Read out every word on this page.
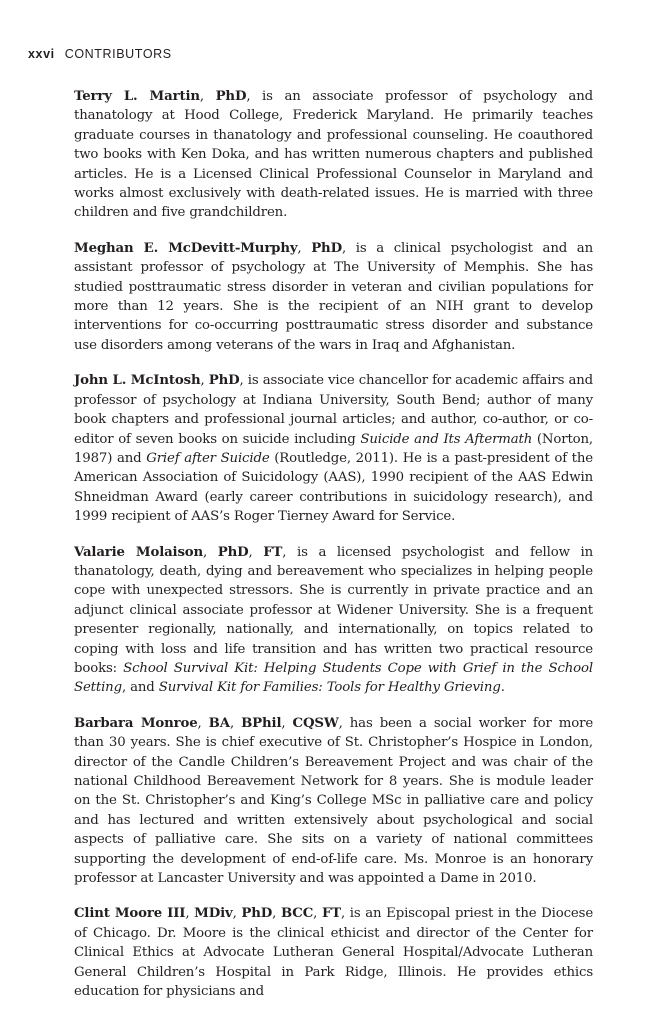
xxvi CONTRIBUTORS

Terry L. Martin, PhD, is an associate professor of psychology and thanatology at Hood College, Frederick Maryland. He primarily teaches graduate courses in thanatology and professional counseling. He coauthored two books with Ken Doka, and has written numerous chapters and published articles. He is a Licensed Clinical Professional Counselor in Maryland and works almost exclusively with death-related issues. He is married with three children and five grandchildren.

Meghan E. McDevitt-Murphy, PhD, is a clinical psychologist and an assistant professor of psychology at The University of Memphis. She has studied posttraumatic stress disorder in veteran and civilian populations for more than 12 years. She is the recipient of an NIH grant to develop interventions for co-occurring posttraumatic stress disorder and substance use disorders among veterans of the wars in Iraq and Afghanistan.

John L. McIntosh, PhD, is associate vice chancellor for academic affairs and professor of psychology at Indiana University, South Bend; author of many book chapters and professional journal articles; and author, co-author, or co-editor of seven books on suicide including Suicide and Its Aftermath (Norton, 1987) and Grief after Suicide (Routledge, 2011). He is a past-president of the American Association of Suicidology (AAS), 1990 recipient of the AAS Edwin Shneidman Award (early career contributions in suicidology research), and 1999 recipient of AAS’s Roger Tierney Award for Service.

Valarie Molaison, PhD, FT, is a licensed psychologist and fellow in thanatology, death, dying and bereavement who specializes in helping people cope with unexpected stressors. She is currently in private practice and an adjunct clinical associate professor at Widener University. She is a frequent presenter regionally, nationally, and internationally, on topics related to coping with loss and life transition and has written two practical resource books: School Survival Kit: Helping Students Cope with Grief in the School Setting, and Survival Kit for Families: Tools for Healthy Grieving.

Barbara Monroe, BA, BPhil, CQSW, has been a social worker for more than 30 years. She is chief executive of St. Christopher’s Hospice in London, director of the Candle Children’s Bereavement Project and was chair of the national Childhood Bereavement Network for 8 years. She is module leader on the St. Christopher’s and King’s College MSc in palliative care and policy and has lectured and written extensively about psychological and social aspects of palliative care. She sits on a variety of national committees supporting the development of end-of-life care. Ms. Monroe is an honorary professor at Lancaster University and was appointed a Dame in 2010.

Clint Moore III, MDiv, PhD, BCC, FT, is an Episcopal priest in the Diocese of Chicago. Dr. Moore is the clinical ethicist and director of the Center for Clinical Ethics at Advocate Lutheran General Hospital/Advocate Lutheran General Children’s Hospital in Park Ridge, Illinois. He provides ethics education for physicians and
